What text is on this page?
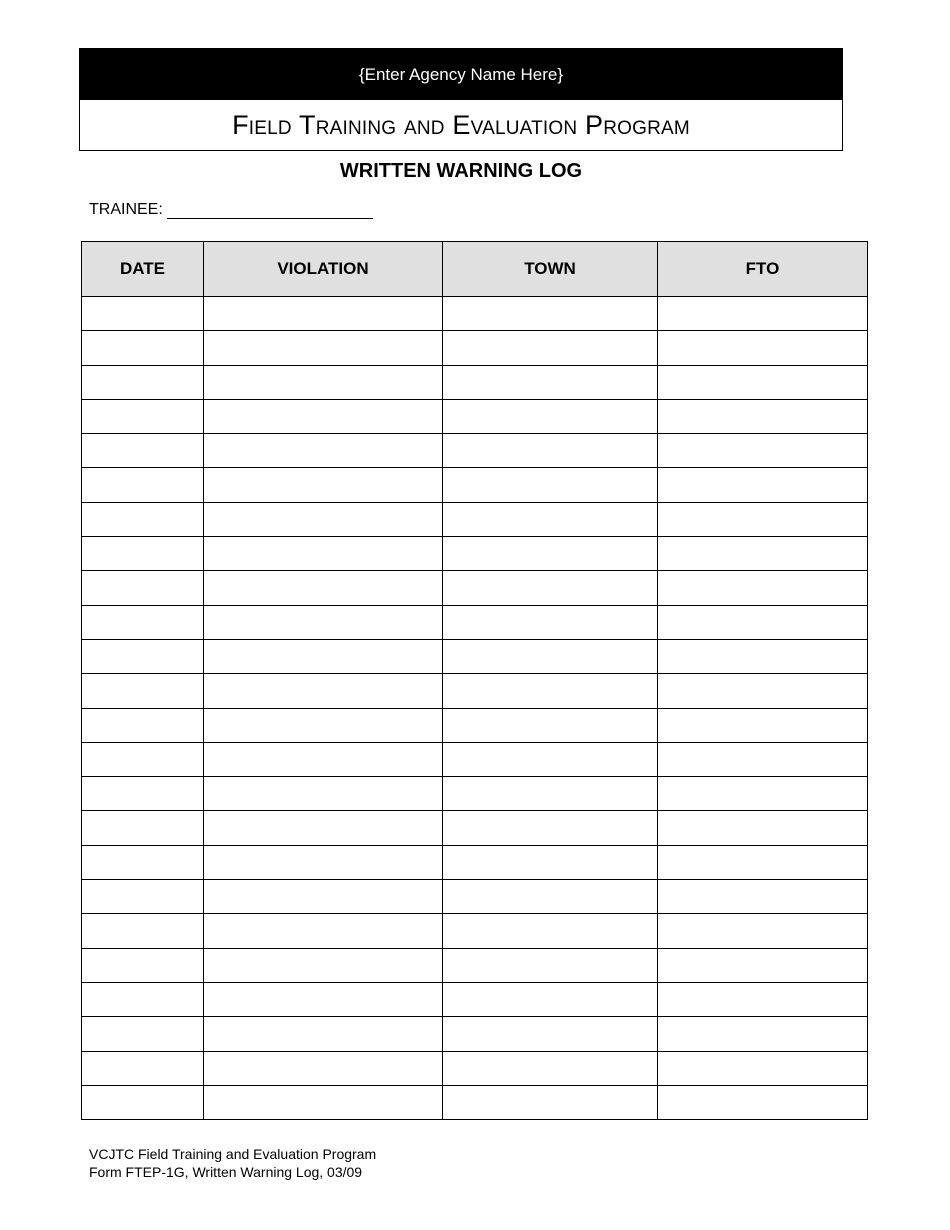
{Enter Agency Name Here}
Field Training and Evaluation Program
WRITTEN WARNING LOG
TRAINEE:
DATE	VIOLATION	TOWN	FTO

VCJTC Field Training and Evaluation Program
Form FTEP-1G, Written Warning Log, 03/09
